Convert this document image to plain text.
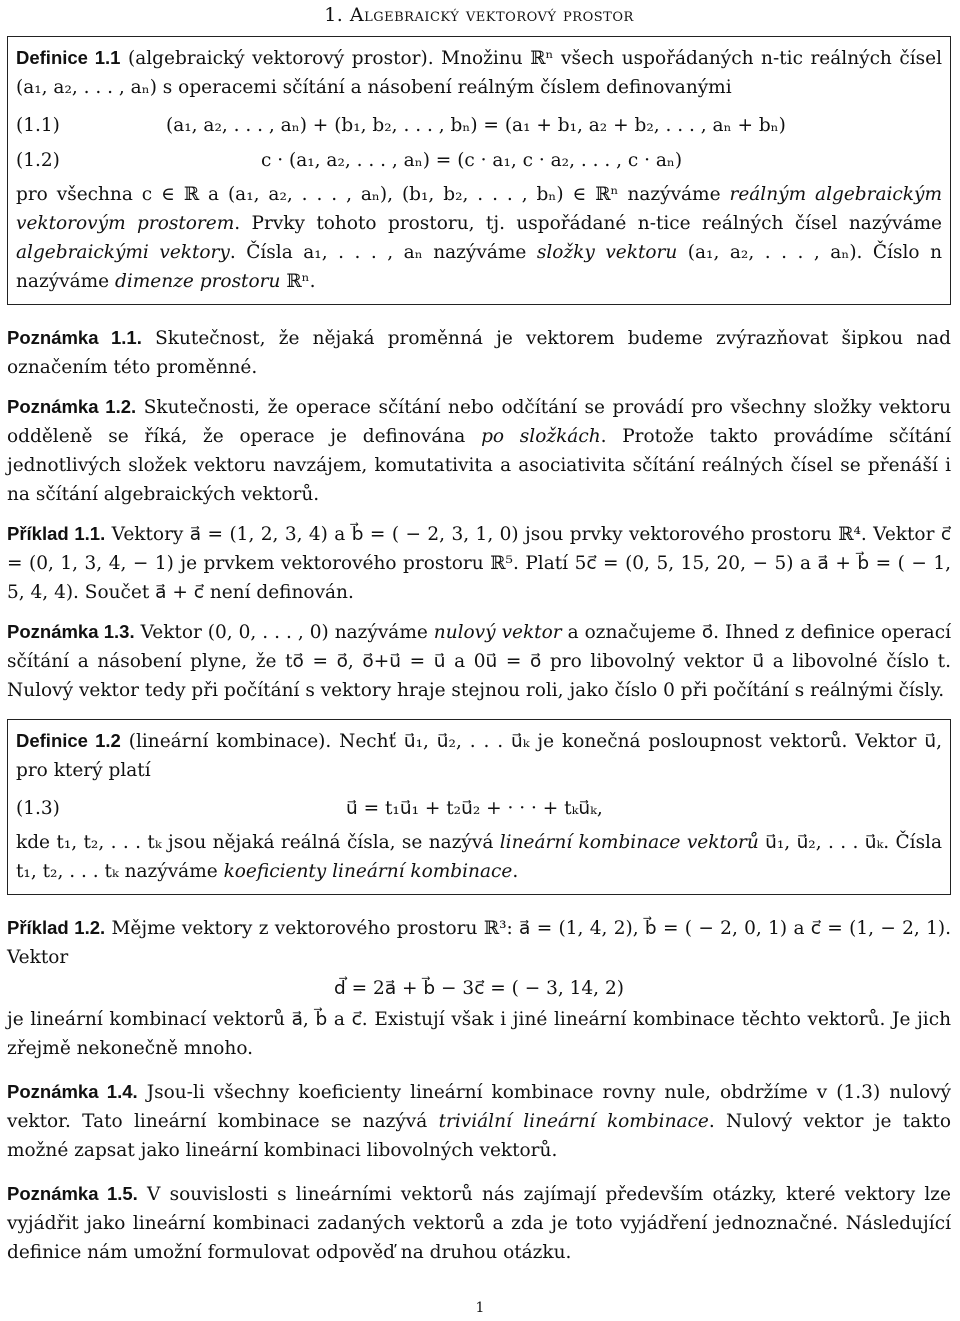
1. Algebraický vektorový prostor

Definice 1.1 (algebraický vektorový prostor). Množinu ℝⁿ všech uspořádaných n-tic reálných čísel (a₁, a₂, . . . , aₙ) s operacemi sčítání a násobení reálným číslem definovanými

(1.1)	(a₁, a₂, . . . , aₙ) + (b₁, b₂, . . . , bₙ) = (a₁ + b₁, a₂ + b₂, . . . , aₙ + bₙ)
(1.2)	c · (a₁, a₂, . . . , aₙ) = (c · a₁, c · a₂, . . . , c · aₙ)

pro všechna c ∈ ℝ a (a₁, a₂, . . . , aₙ), (b₁, b₂, . . . , bₙ) ∈ ℝⁿ nazýváme reálným algebraickým vektorovým prostorem. Prvky tohoto prostoru, tj. uspořádané n-tice reálných čísel nazýváme algebraickými vektory. Čísla a₁, . . . , aₙ nazýváme složky vektoru (a₁, a₂, . . . , aₙ). Číslo n nazýváme dimenze prostoru ℝⁿ.

Poznámka 1.1. Skutečnost, že nějaká proměnná je vektorem budeme zvýrazňovat šipkou nad označením této proměnné.

Poznámka 1.2. Skutečnosti, že operace sčítání nebo odčítání se provádí pro všechny složky vektoru odděleně se říká, že operace je definována po složkách. Protože takto provádíme sčítání jednotlivých složek vektoru navzájem, komutativita a asociativita sčítání reálných čísel se přenáší i na sčítání algebraických vektorů.

Příklad 1.1. Vektory a⃗ = (1, 2, 3, 4) a b⃗ = ( − 2, 3, 1, 0) jsou prvky vektorového prostoru ℝ⁴. Vektor c⃗ = (0, 1, 3, 4, − 1) je prvkem vektorového prostoru ℝ⁵. Platí 5c⃗ = (0, 5, 15, 20, − 5) a a⃗ + b⃗ = ( − 1, 5, 4, 4). Součet a⃗ + c⃗ není definován.

Poznámka 1.3. Vektor (0, 0, . . . , 0) nazýváme nulový vektor a označujeme o⃗. Ihned z definice operací sčítání a násobení plyne, že to⃗ = o⃗, o⃗+u⃗ = u⃗ a 0u⃗ = o⃗ pro libovolný vektor u⃗ a libovolné číslo t. Nulový vektor tedy při počítání s vektory hraje stejnou roli, jako číslo 0 při počítání s reálnými čísly.

Definice 1.2 (lineární kombinace). Nechť u⃗₁, u⃗₂, . . . u⃗ₖ je konečná posloupnost vektorů. Vektor u⃗, pro který platí

(1.3)	u⃗ = t₁u⃗₁ + t₂u⃗₂ + · · · + tₖu⃗ₖ,

kde t₁, t₂, . . . tₖ jsou nějaká reálná čísla, se nazývá lineární kombinace vektorů u⃗₁, u⃗₂, . . . u⃗ₖ. Čísla t₁, t₂, . . . tₖ nazýváme koeficienty lineární kombinace.

Příklad 1.2. Mějme vektory z vektorového prostoru ℝ³: a⃗ = (1, 4, 2), b⃗ = ( − 2, 0, 1) a c⃗ = (1, − 2, 1). Vektor

d⃗ = 2a⃗ + b⃗ − 3c⃗ = ( − 3, 14, 2)

je lineární kombinací vektorů a⃗, b⃗ a c⃗. Existují však i jiné lineární kombinace těchto vektorů. Je jich zřejmě nekonečně mnoho.

Poznámka 1.4. Jsou-li všechny koeficienty lineární kombinace rovny nule, obdržíme v (1.3) nulový vektor. Tato lineární kombinace se nazývá triviální lineární kombinace. Nulový vektor je takto možné zapsat jako lineární kombinaci libovolných vektorů.

Poznámka 1.5. V souvislosti s lineárními vektorů nás zajímají především otázky, které vektory lze vyjádřit jako lineární kombinaci zadaných vektorů a zda je toto vyjádření jednoznačné. Následující definice nám umožní formulovat odpověď na druhou otázku.

1
